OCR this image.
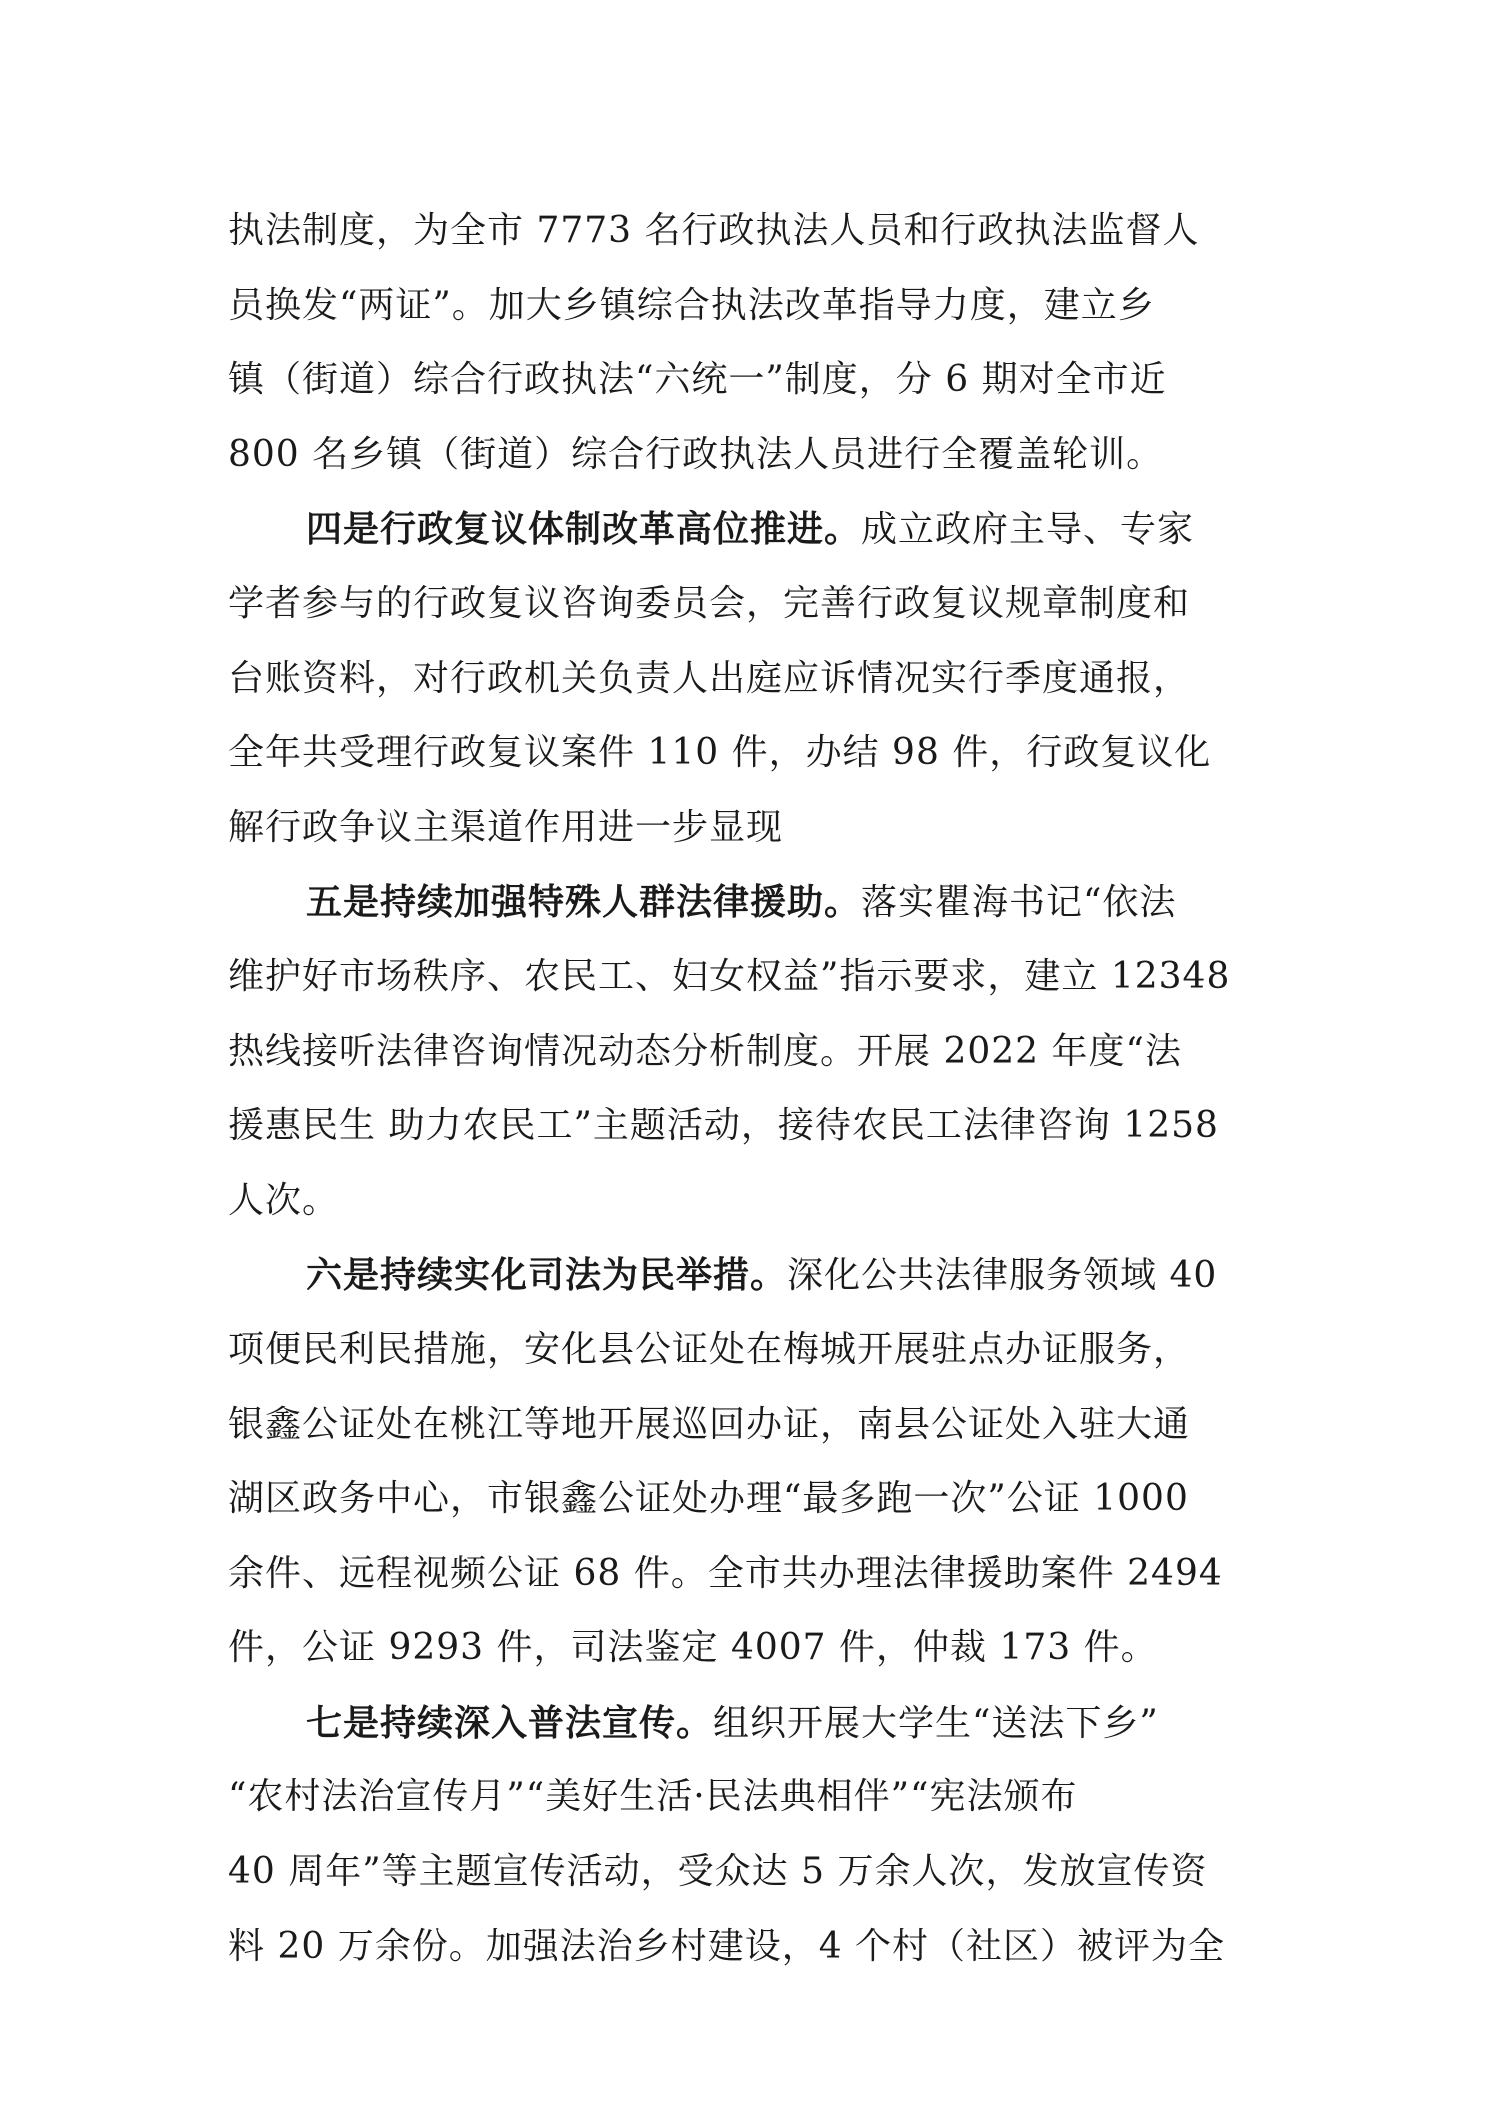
执法制度，为全市 7773 名行政执法人员和行政执法监督人
员换发“两证”。加大乡镇综合执法改革指导力度，建立乡
镇（街道）综合行政执法“六统一”制度，分 6 期对全市近
800 名乡镇（街道）综合行政执法人员进行全覆盖轮训。
四是行政复议体制改革高位推进。成立政府主导、专家
学者参与的行政复议咨询委员会，完善行政复议规章制度和
台账资料，对行政机关负责人出庭应诉情况实行季度通报，
全年共受理行政复议案件 110 件，办结 98 件，行政复议化
解行政争议主渠道作用进一步显现
五是持续加强特殊人群法律援助。落实瞿海书记“依法
维护好市场秩序、农民工、妇女权益”指示要求，建立 12348
热线接听法律咨询情况动态分析制度。开展 2022 年度“法
援惠民生 助力农民工”主题活动，接待农民工法律咨询 1258
人次。
六是持续实化司法为民举措。深化公共法律服务领域 40
项便民利民措施，安化县公证处在梅城开展驻点办证服务，
银鑫公证处在桃江等地开展巡回办证，南县公证处入驻大通
湖区政务中心，市银鑫公证处办理“最多跑一次”公证 1000
余件、远程视频公证 68 件。全市共办理法律援助案件 2494
件，公证 9293 件，司法鉴定 4007 件，仲裁 173 件。
七是持续深入普法宣传。组织开展大学生“送法下乡”
“农村法治宣传月”“美好生活·民法典相伴”“宪法颁布
40 周年”等主题宣传活动，受众达 5 万余人次，发放宣传资
料 20 万余份。加强法治乡村建设，4 个村（社区）被评为全
